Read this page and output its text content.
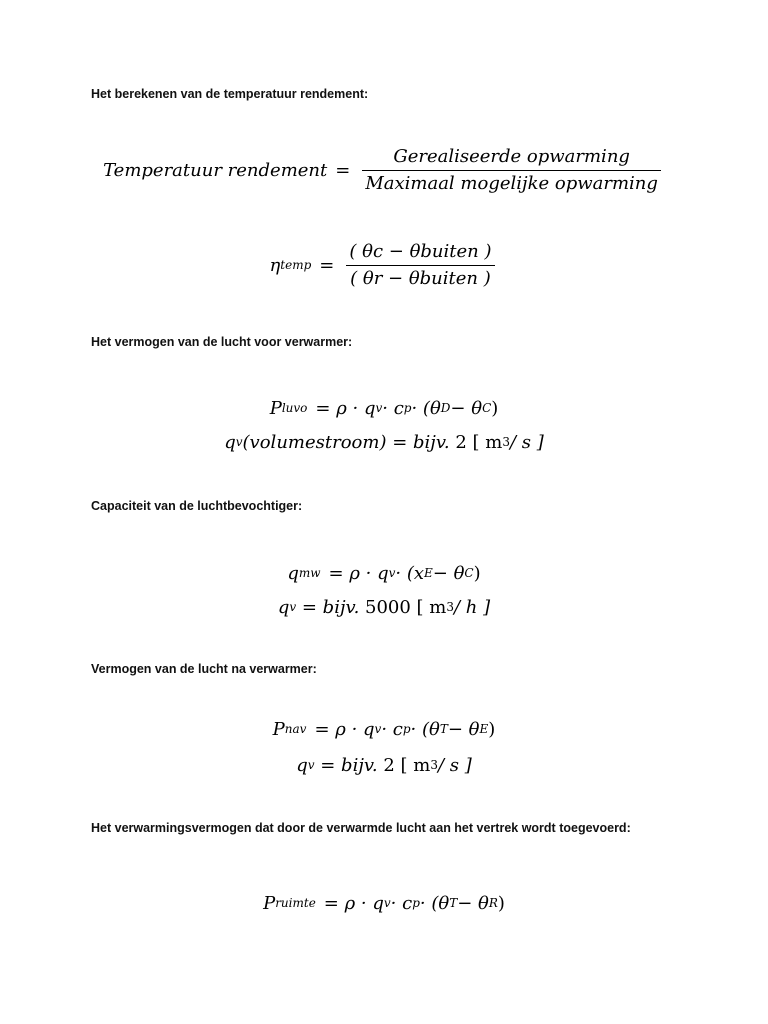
Het berekenen van de temperatuur rendement:
Temperatuur rendement = $\frac{\text{Gerealiseerde opwarming}}{\text{Maximaal mogelijke opwarming}}$
η temp = $\frac{\text{( θc − θbuiten )}}{\text{( θr − θbuiten )}}$
Het vermogen van de lucht voor verwarmer:
P luvo = ρ · q v · c p · (θ D − θ C )
q v (volumestroom) = bijv. 2 [ m 3 / s ]
Capaciteit van de luchtbevochtiger:
q mw = ρ · q v · (x E − θ C )
q v = bijv. 5000 [ m 3 / h ]
Vermogen van de lucht na verwarmer:
P nav = ρ · q v · c p · (θ T − θ E )
q v = bijv. 2 [ m 3 / s ]
Het verwarmingsvermogen dat door de verwarmde lucht aan het vertrek wordt toegevoerd:
P ruimte = ρ · q v · c p · (θ T − θ R )
